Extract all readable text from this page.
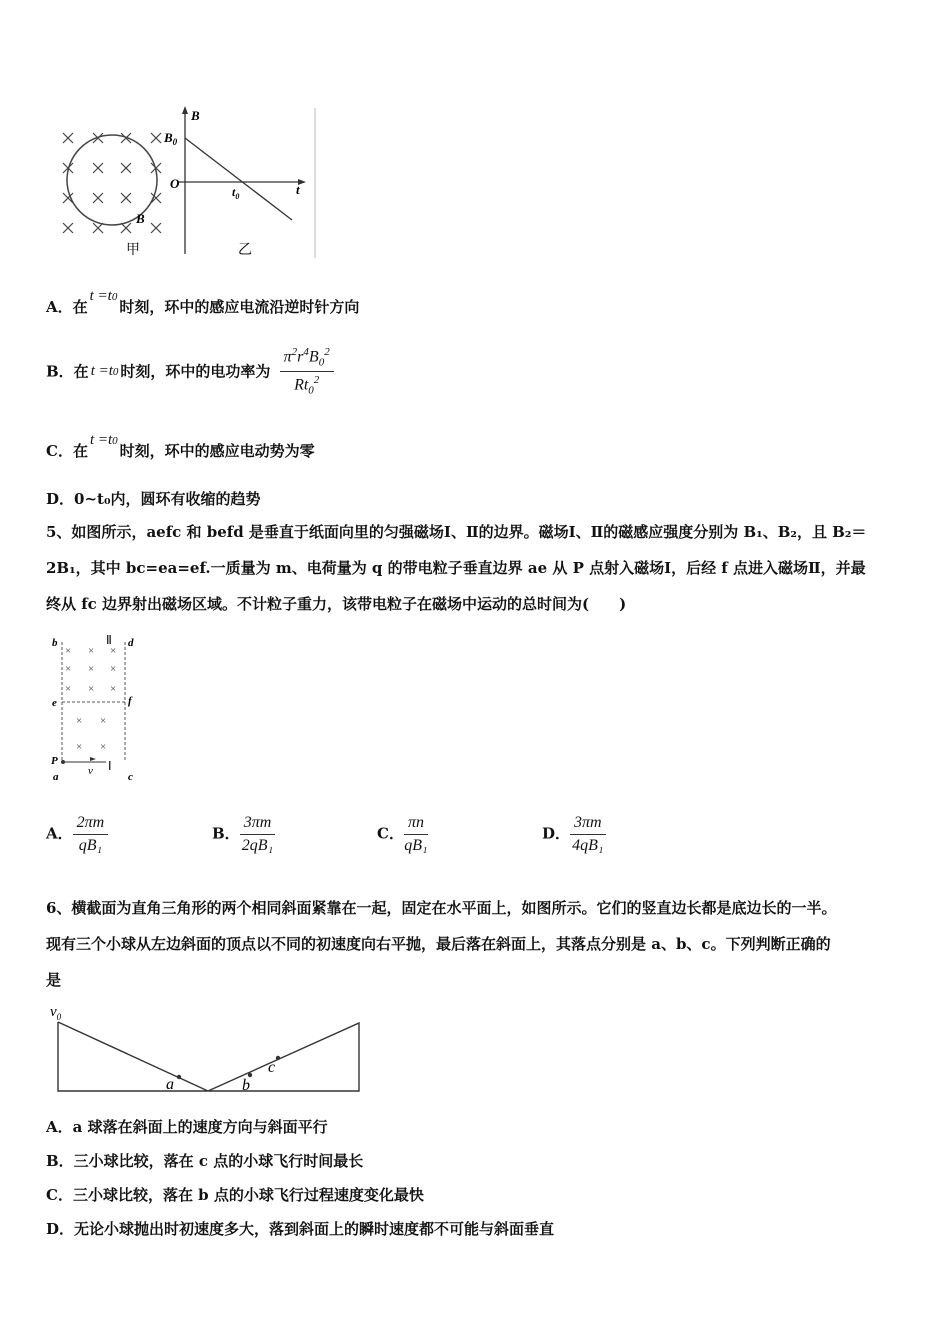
B
$B_0$
O
$t_0$	t
B
甲	乙
A．在t =t0时刻，环中的感应电流沿逆时针方向
B．在 t =t0 时刻，环中的电功率为 $\frac{\pi^2r^4B_0^2}{Rt_0^2}$
C．在t =t0时刻，环中的感应电动势为零
D．0~t₀内，圆环有收缩的趋势
5、如图所示，aefc 和 befd 是垂直于纸面向里的匀强磁场Ⅰ、Ⅱ的边界。磁场Ⅰ、Ⅱ的磁感应强度分别为 B₁、B₂，且 B₂＝
2B₁，其中 bc=ea=ef.一质量为 m、电荷量为 q 的带电粒子垂直边界 ae 从 P 点射入磁场Ⅰ，后经 f 点进入磁场Ⅱ，并最
终从 fc 边界射出磁场区域。不计粒子重力，该带电粒子在磁场中运动的总时间为(　　)
× × ×
× × ×
× × ×
× ×
× ×
b	Ⅱ d
e	f
P
v Ⅰ
a	c
A． $\frac{2\pi m}{\text{qB₁}}$	B． $\frac{3\pi m}{\text{2qB₁}}$	C． $\frac{\pi n}{\text{qB₁}}$	D． $\frac{3\pi m}{\text{4qB₁}}$
6、横截面为直角三角形的两个相同斜面紧靠在一起，固定在水平面上，如图所示。它们的竖直边长都是底边长的一半。
现有三个小球从左边斜面的顶点以不同的初速度向右平抛，最后落在斜面上，其落点分别是 a、b、c。下列判断正确的
是
$v_0$
a	b
c
A．a 球落在斜面上的速度方向与斜面平行
B．三小球比较，落在 c 点的小球飞行时间最长
C．三小球比较，落在 b 点的小球飞行过程速度变化最快
D．无论小球抛出时初速度多大，落到斜面上的瞬时速度都不可能与斜面垂直
